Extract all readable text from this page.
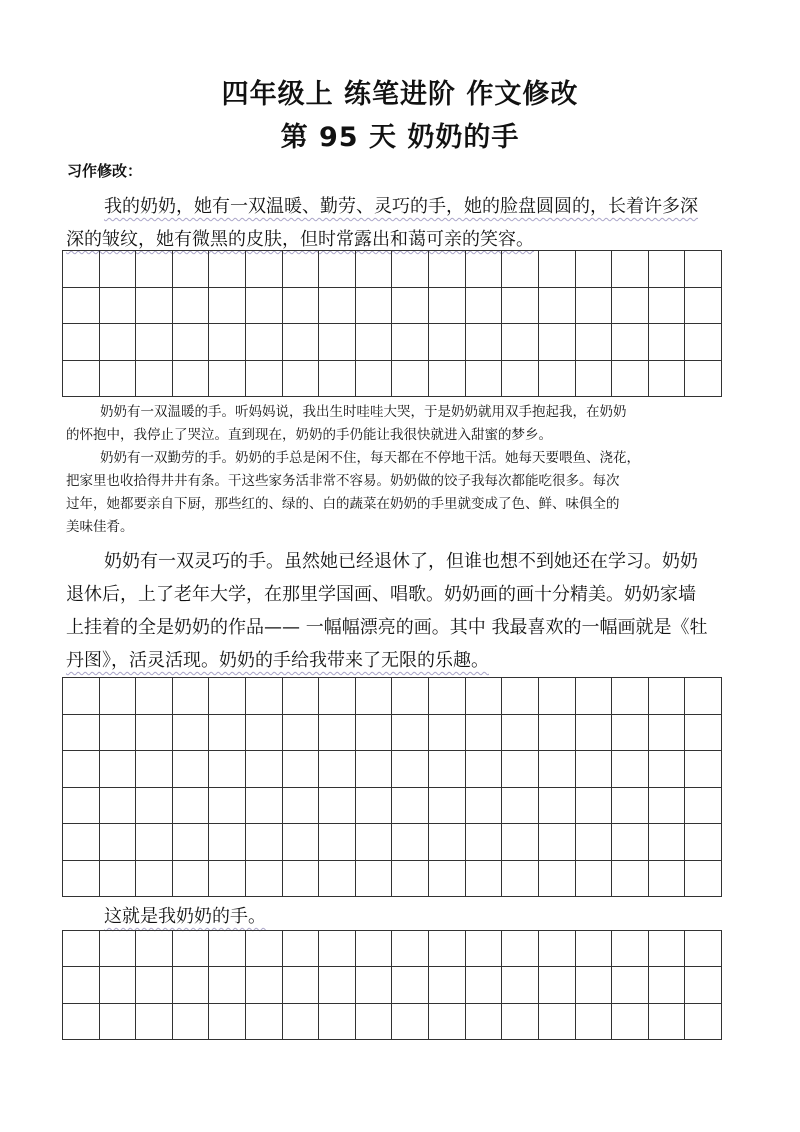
四年级上 练笔进阶 作文修改
第 95 天 奶奶的手

习作修改：

我的奶奶，她有一双温暖、勤劳、灵巧的手，她的脸盘圆圆的，长着许多深
深的皱纹，她有微黑的皮肤，但时常露出和蔼可亲的笑容。
奶奶有一双温暖的手。听妈妈说，我出生时哇哇大哭，于是奶奶就用双手抱起我，在奶奶
的怀抱中，我停止了哭泣。直到现在，奶奶的手仍能让我很快就进入甜蜜的梦乡。
奶奶有一双勤劳的手。奶奶的手总是闲不住，每天都在不停地干活。她每天要喂鱼、浇花，
把家里也收拾得井井有条。干这些家务活非常不容易。奶奶做的饺子我每次都能吃很多。每次
过年，她都要亲自下厨，那些红的、绿的、白的蔬菜在奶奶的手里就变成了色、鲜、味俱全的
美味佳肴。
奶奶有一双灵巧的手。虽然她已经退休了，但谁也想不到她还在学习。奶奶
退休后，上了老年大学，在那里学国画、唱歌。奶奶画的画十分精美。奶奶家墙
上挂着的全是奶奶的作品—— 一幅幅漂亮的画。其中 我最喜欢的一幅画就是《牡
丹图》，活灵活现。奶奶的手给我带来了无限的乐趣。
这就是我奶奶的手。
